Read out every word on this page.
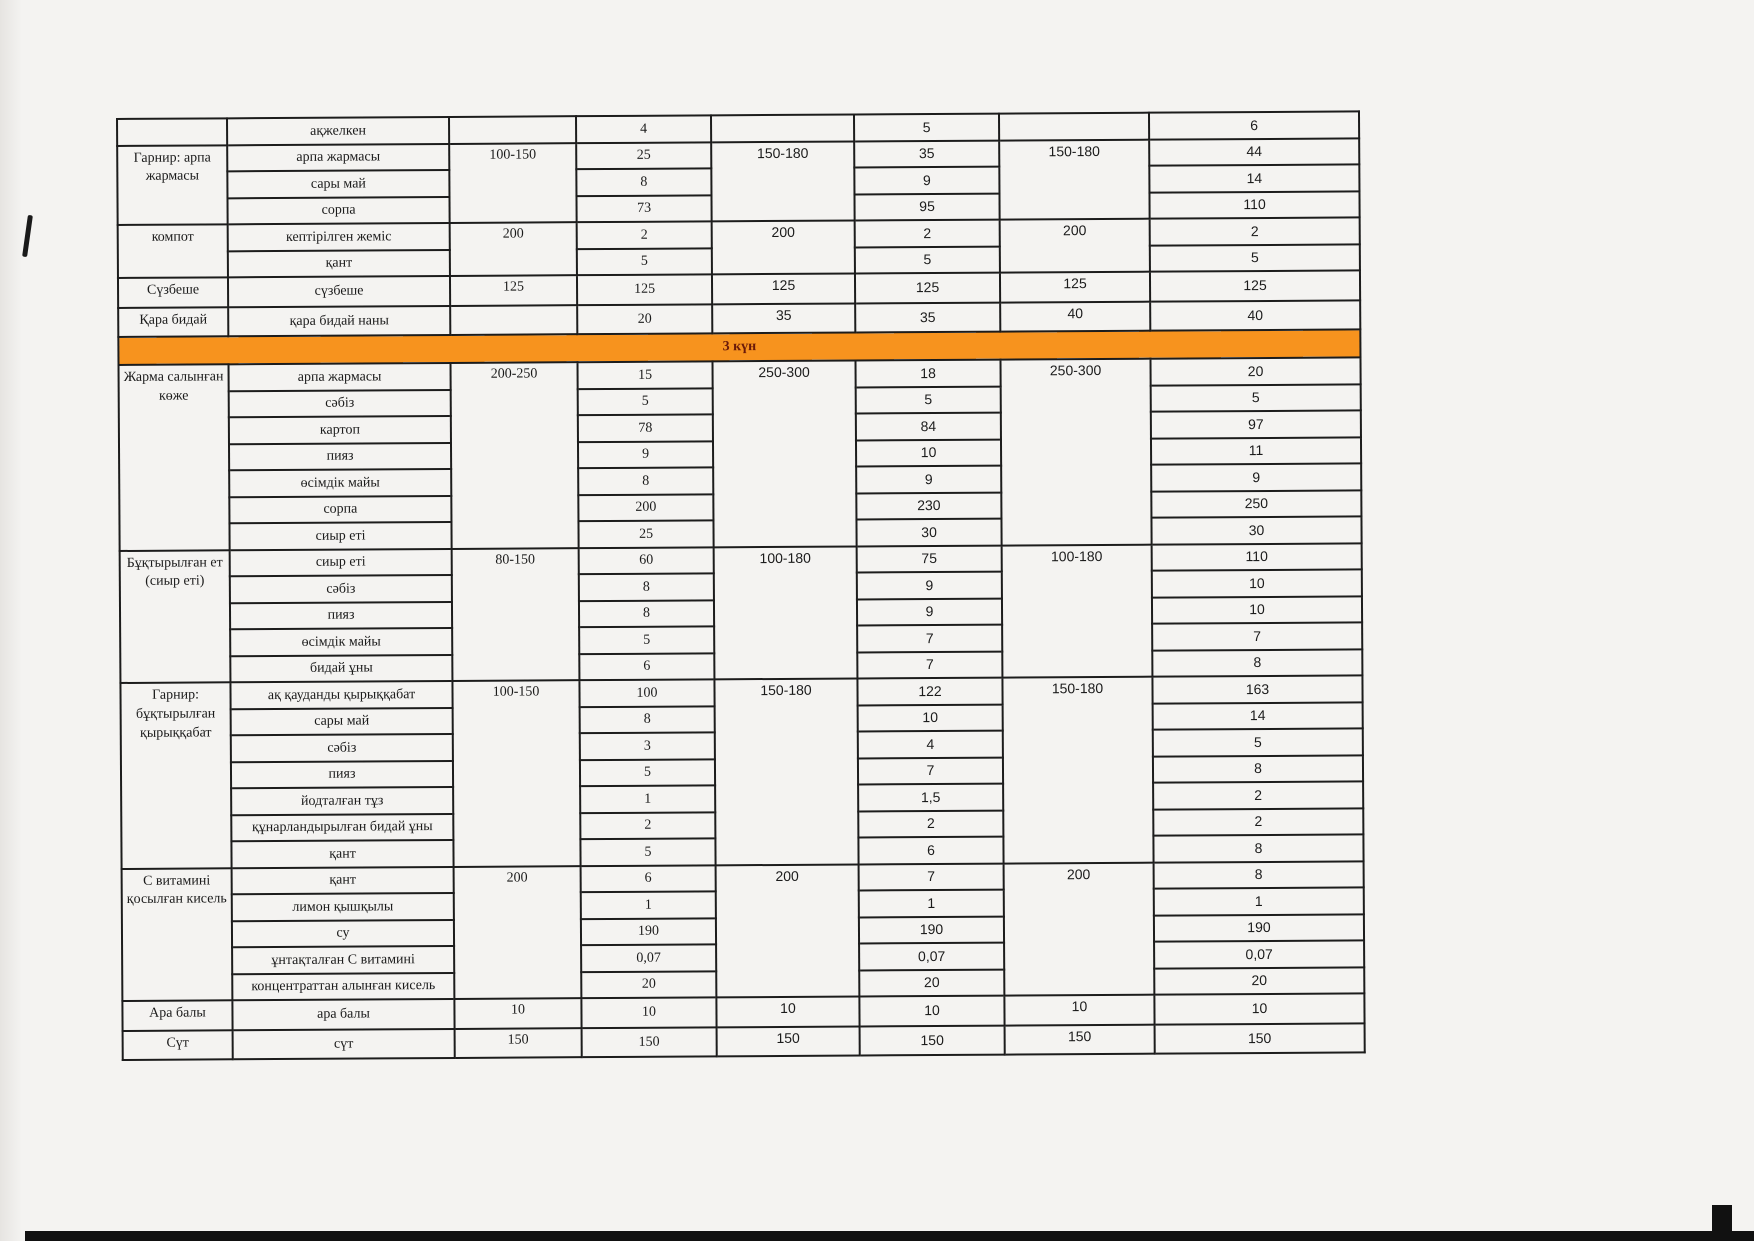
	ақжелкен		4		5		6
Гарнир: арпа жармасы	арпа жармасы	100-150	25	150-180	35	150-180	44
	сары май		8		9		14
	сорпа		73		95		110
компот	кептірілген жеміс	200	2	200	2	200	2
	қант		5		5		5
Сүзбеше	сүзбеше	125	125	125	125	125	125
Қара бидай	қара бидай наны		20	35	35	40	40
3 күн							
Жарма салынған көже	арпа жармасы	200-250	15	250-300	18	250-300	20
	сәбіз		5		5		5
	картоп		78		84		97
	пияз		9		10		11
	өсімдік майы		8		9		9
	сорпа		200		230		250
	сиыр еті		25		30		30
Бұқтырылған ет (сиыр еті)	сиыр еті	80-150	60	100-180	75	100-180	110
	сәбіз		8		9		10
	пияз		8		9		10
	өсімдік майы		5		7		7
	бидай ұны		6		7		8
Гарнир: бұқтырылған қырыққабат	ақ қауданды қырыққабат	100-150	100	150-180	122	150-180	163
	сары май		8		10		14
	сәбіз		3		4		5
	пияз		5		7		8
	йодталған тұз		1		1,5		2
	құнарландырылған бидай ұны		2		2		2
	қант		5		6		8
С витамині қосылған кисель	қант	200	6	200	7	200	8
	лимон қышқылы		1		1		1
	су		190		190		190
	ұнтақталған С витамині		0,07		0,07		0,07
	концентраттан алынған кисель		20		20		20
Ара балы	ара балы	10	10	10	10	10	10
Сүт	сүт	150	150	150	150	150	150
